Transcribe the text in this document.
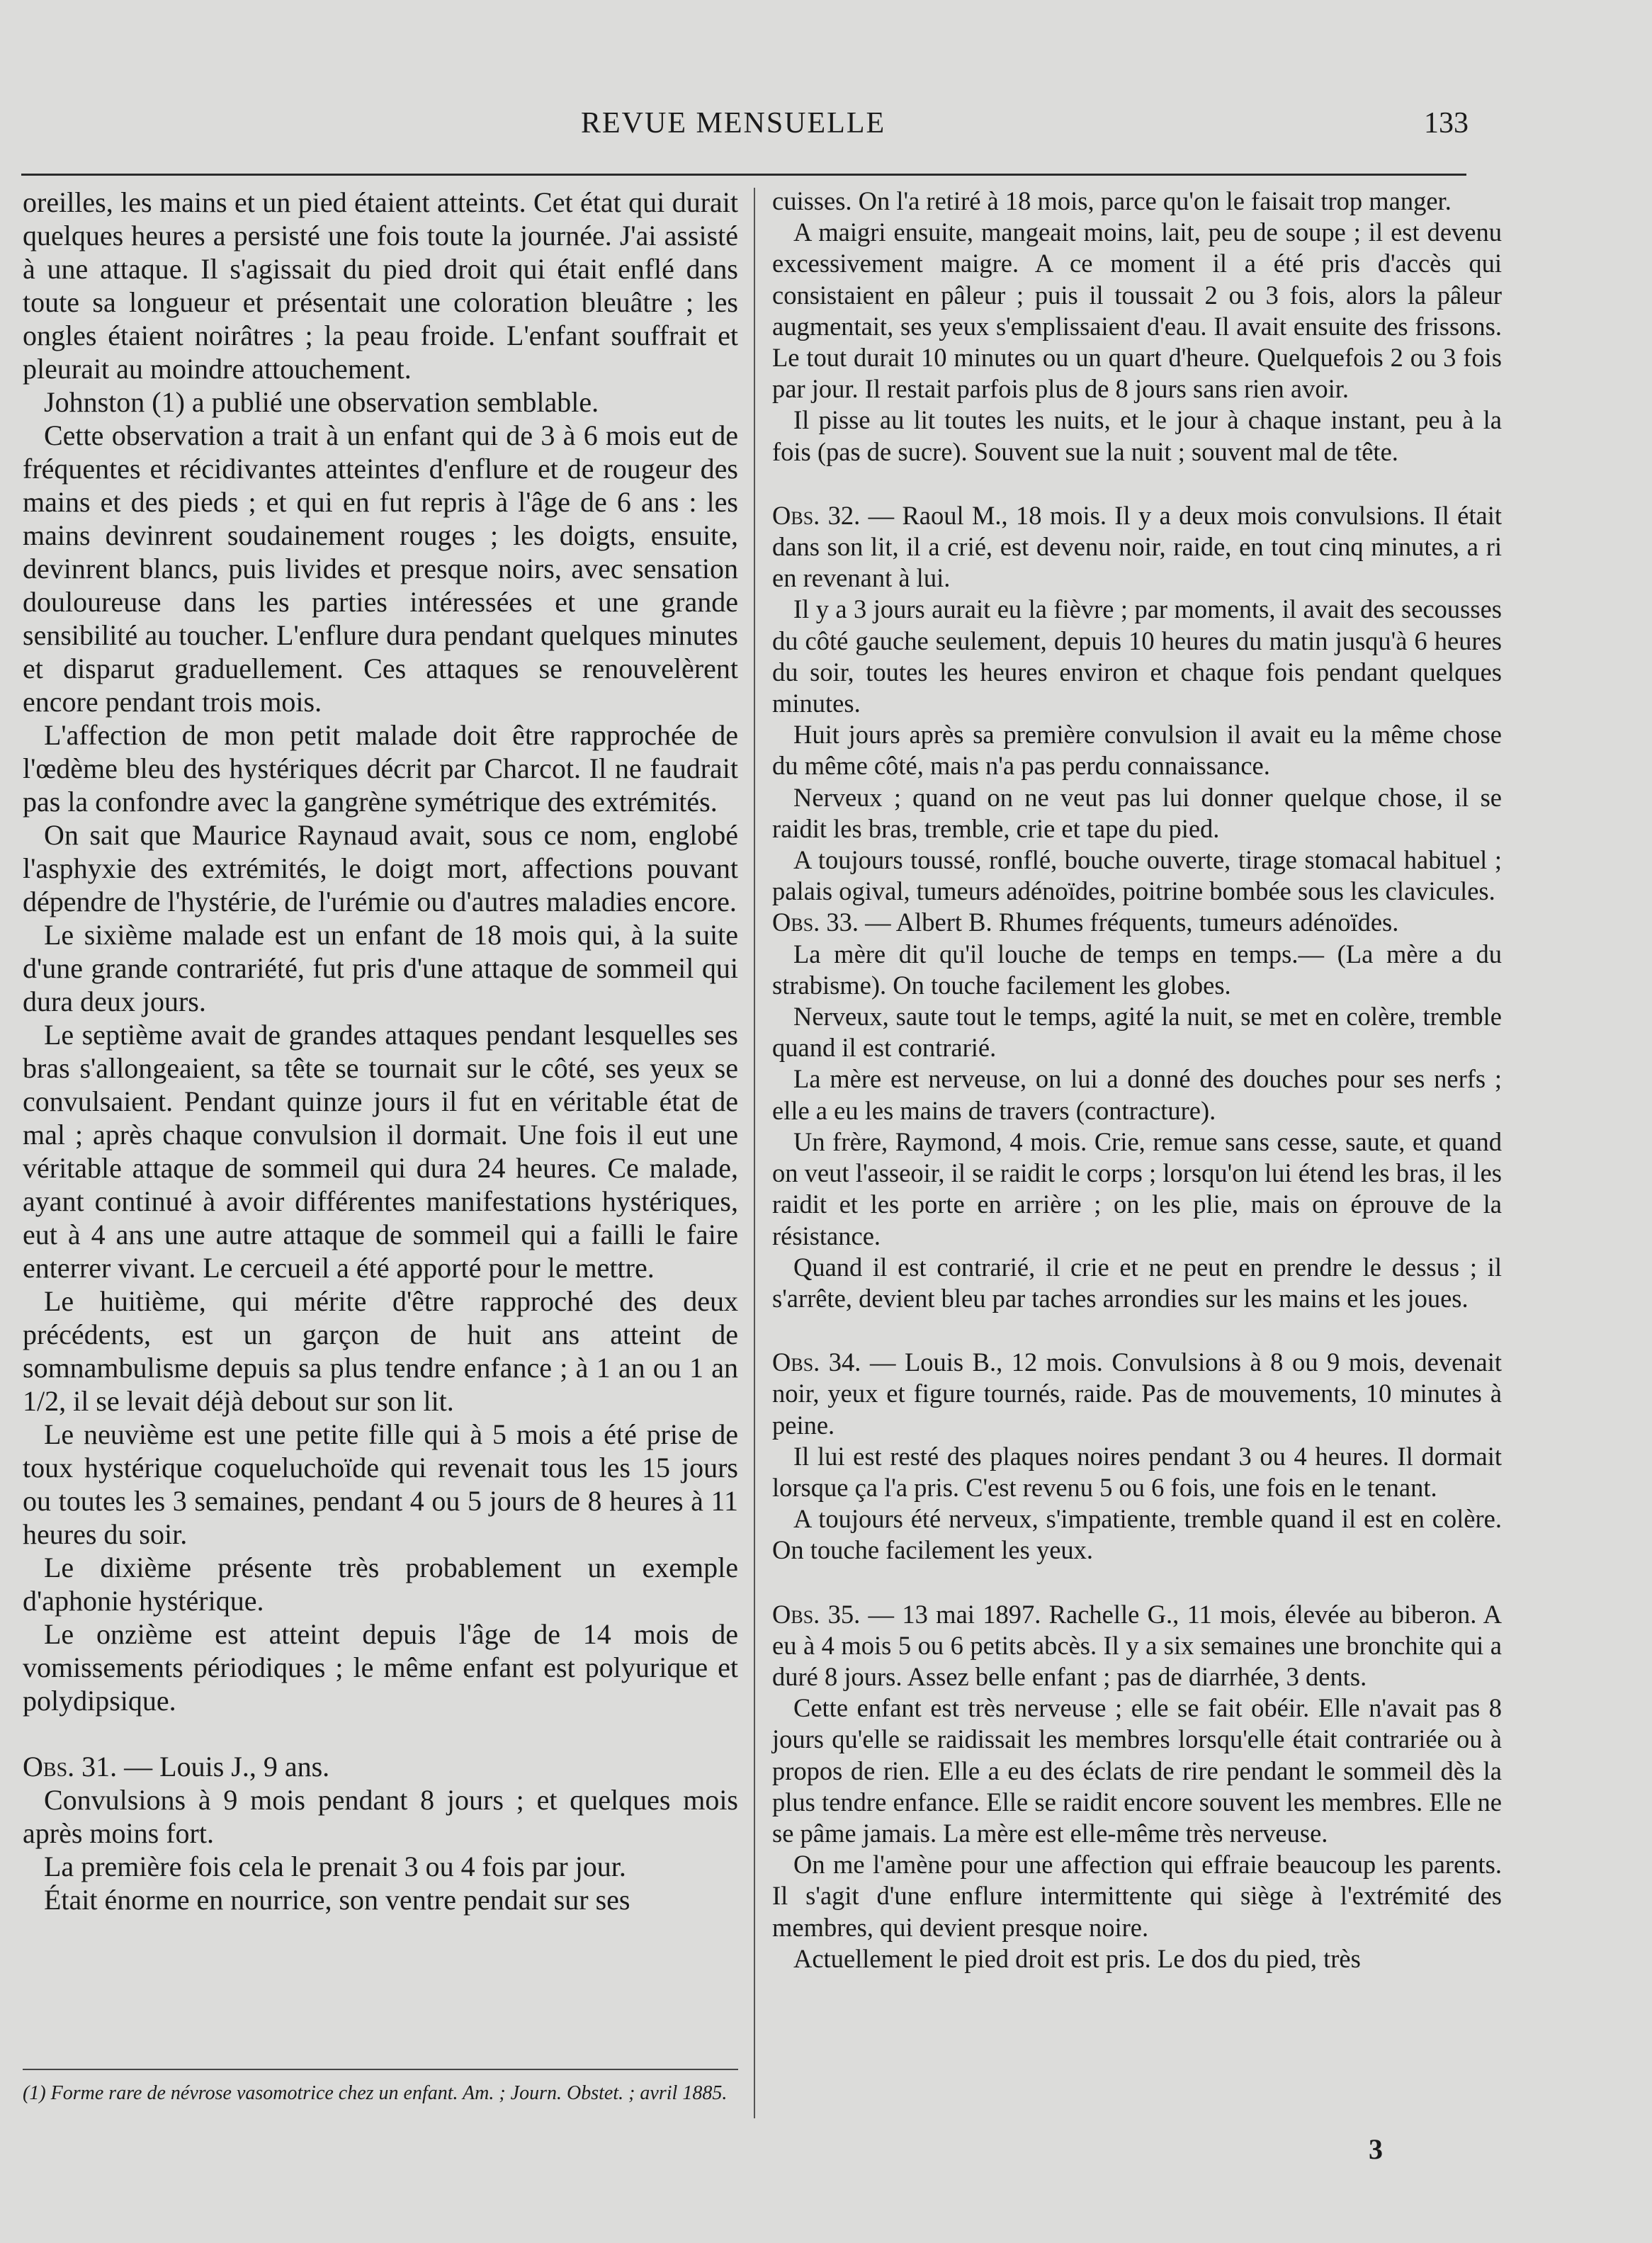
REVUE MENSUELLE	133

oreilles, les mains et un pied étaient atteints. Cet état qui durait quelques heures a persisté une fois toute la journée. J'ai assisté à une attaque. Il s'agissait du pied droit qui était enflé dans toute sa longueur et présentait une coloration bleuâtre ; les ongles étaient noirâtres ; la peau froide. L'enfant souffrait et pleurait au moindre attouchement.

Johnston (1) a publié une observation semblable.

Cette observation a trait à un enfant qui de 3 à 6 mois eut de fréquentes et récidivantes atteintes d'enflure et de rougeur des mains et des pieds ; et qui en fut repris à l'âge de 6 ans : les mains devinrent soudainement rouges ; les doigts, ensuite, devinrent blancs, puis livides et presque noirs, avec sensation douloureuse dans les parties intéressées et une grande sensibilité au toucher. L'enflure dura pendant quelques minutes et disparut graduellement. Ces attaques se renouvelèrent encore pendant trois mois.

L'affection de mon petit malade doit être rapprochée de l'œdème bleu des hystériques décrit par Charcot. Il ne faudrait pas la confondre avec la gangrène symétrique des extrémités.

On sait que Maurice Raynaud avait, sous ce nom, englobé l'asphyxie des extrémités, le doigt mort, affections pouvant dépendre de l'hystérie, de l'urémie ou d'autres maladies encore.

Le sixième malade est un enfant de 18 mois qui, à la suite d'une grande contrariété, fut pris d'une attaque de sommeil qui dura deux jours.

Le septième avait de grandes attaques pendant lesquelles ses bras s'allongeaient, sa tête se tournait sur le côté, ses yeux se convulsaient. Pendant quinze jours il fut en véritable état de mal ; après chaque convulsion il dormait. Une fois il eut une véritable attaque de sommeil qui dura 24 heures. Ce malade, ayant continué à avoir différentes manifestations hystériques, eut à 4 ans une autre attaque de sommeil qui a failli le faire enterrer vivant. Le cercueil a été apporté pour le mettre.

Le huitième, qui mérite d'être rapproché des deux précédents, est un garçon de huit ans atteint de somnambulisme depuis sa plus tendre enfance ; à 1 an ou 1 an 1/2, il se levait déjà debout sur son lit.

Le neuvième est une petite fille qui à 5 mois a été prise de toux hystérique coqueluchoïde qui revenait tous les 15 jours ou toutes les 3 semaines, pendant 4 ou 5 jours de 8 heures à 11 heures du soir.

Le dixième présente très probablement un exemple d'aphonie hystérique.

Le onzième est atteint depuis l'âge de 14 mois de vomissements périodiques ; le même enfant est polyurique et polydipsique.

Obs. 31. — Louis J., 9 ans.

Convulsions à 9 mois pendant 8 jours ; et quelques mois après moins fort.

La première fois cela le prenait 3 ou 4 fois par jour.

Était énorme en nourrice, son ventre pendait sur ses

(1) Forme rare de névrose vasomotrice chez un enfant. Am. ; Journ. Obstet. ; avril 1885.

cuisses. On l'a retiré à 18 mois, parce qu'on le faisait trop manger.

A maigri ensuite, mangeait moins, lait, peu de soupe ; il est devenu excessivement maigre. A ce moment il a été pris d'accès qui consistaient en pâleur ; puis il toussait 2 ou 3 fois, alors la pâleur augmentait, ses yeux s'emplissaient d'eau. Il avait ensuite des frissons. Le tout durait 10 minutes ou un quart d'heure. Quelquefois 2 ou 3 fois par jour. Il restait parfois plus de 8 jours sans rien avoir.

Il pisse au lit toutes les nuits, et le jour à chaque instant, peu à la fois (pas de sucre). Souvent sue la nuit ; souvent mal de tête.

Obs. 32. — Raoul M., 18 mois. Il y a deux mois convulsions. Il était dans son lit, il a crié, est devenu noir, raide, en tout cinq minutes, a ri en revenant à lui.

Il y a 3 jours aurait eu la fièvre ; par moments, il avait des secousses du côté gauche seulement, depuis 10 heures du matin jusqu'à 6 heures du soir, toutes les heures environ et chaque fois pendant quelques minutes.

Huit jours après sa première convulsion il avait eu la même chose du même côté, mais n'a pas perdu connaissance.

Nerveux ; quand on ne veut pas lui donner quelque chose, il se raidit les bras, tremble, crie et tape du pied.

A toujours toussé, ronflé, bouche ouverte, tirage stomacal habituel ; palais ogival, tumeurs adénoïdes, poitrine bombée sous les clavicules.

Obs. 33. — Albert B. Rhumes fréquents, tumeurs adénoïdes.

La mère dit qu'il louche de temps en temps.— (La mère a du strabisme). On touche facilement les globes.

Nerveux, saute tout le temps, agité la nuit, se met en colère, tremble quand il est contrarié.

La mère est nerveuse, on lui a donné des douches pour ses nerfs ; elle a eu les mains de travers (contracture).

Un frère, Raymond, 4 mois. Crie, remue sans cesse, saute, et quand on veut l'asseoir, il se raidit le corps ; lorsqu'on lui étend les bras, il les raidit et les porte en arrière ; on les plie, mais on éprouve de la résistance.

Quand il est contrarié, il crie et ne peut en prendre le dessus ; il s'arrête, devient bleu par taches arrondies sur les mains et les joues.

Obs. 34. — Louis B., 12 mois. Convulsions à 8 ou 9 mois, devenait noir, yeux et figure tournés, raide. Pas de mouvements, 10 minutes à peine.

Il lui est resté des plaques noires pendant 3 ou 4 heures. Il dormait lorsque ça l'a pris. C'est revenu 5 ou 6 fois, une fois en le tenant.

A toujours été nerveux, s'impatiente, tremble quand il est en colère. On touche facilement les yeux.

Obs. 35. — 13 mai 1897. Rachelle G., 11 mois, élevée au biberon. A eu à 4 mois 5 ou 6 petits abcès. Il y a six semaines une bronchite qui a duré 8 jours. Assez belle enfant ; pas de diarrhée, 3 dents.

Cette enfant est très nerveuse ; elle se fait obéir. Elle n'avait pas 8 jours qu'elle se raidissait les membres lorsqu'elle était contrariée ou à propos de rien. Elle a eu des éclats de rire pendant le sommeil dès la plus tendre enfance. Elle se raidit encore souvent les membres. Elle ne se pâme jamais. La mère est elle-même très nerveuse.

On me l'amène pour une affection qui effraie beaucoup les parents. Il s'agit d'une enflure intermittente qui siège à l'extrémité des membres, qui devient presque noire.

Actuellement le pied droit est pris. Le dos du pied, très

3
